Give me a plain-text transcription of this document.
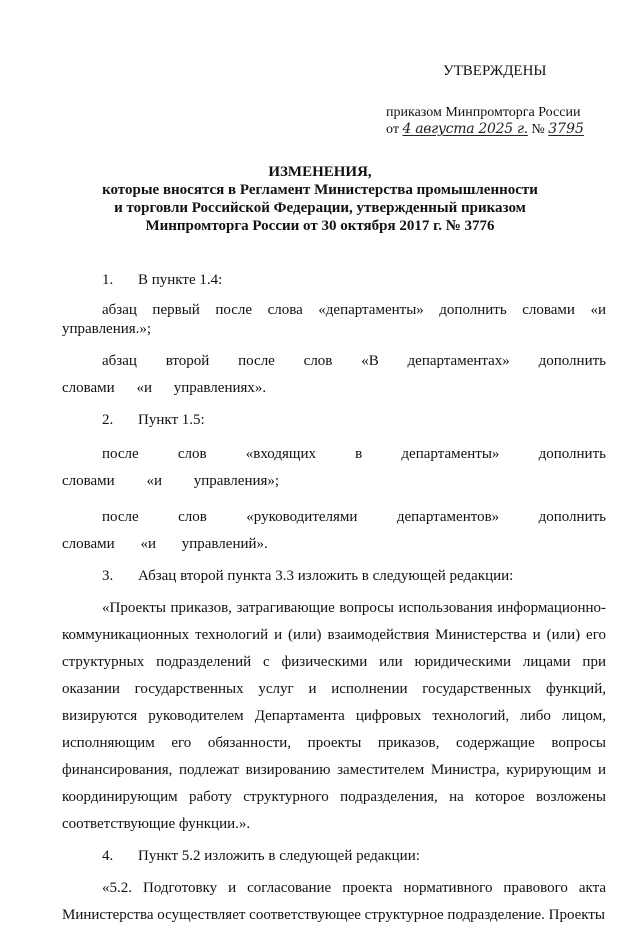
УТВЕРЖДЕНЫ
приказом Минпромторга России
от 4 августа 2025 г. № 3795
ИЗМЕНЕНИЯ,
которые вносятся в Регламент Министерства промышленности
и торговли Российской Федерации, утвержденный приказом
Минпромторга России от 30 октября 2017 г. № 3776

1. В пункте 1.4:

абзац первый после слова «департаменты» дополнить словами «и управления.»;

абзац второй после слов «В департаментах» дополнить словами «и управлениях».

2. Пункт 1.5:

после слов «входящих в департаменты» дополнить словами «и управления»;

после слов «руководителями департаментов» дополнить словами «и управлений».

3. Абзац второй пункта 3.3 изложить в следующей редакции:

«Проекты приказов, затрагивающие вопросы использования информационно-коммуникационных технологий и (или) взаимодействия Министерства и (или) его структурных подразделений с физическими или юридическими лицами при оказании государственных услуг и исполнении государственных функций, визируются руководителем Департамента цифровых технологий, либо лицом, исполняющим его обязанности, проекты приказов, содержащие вопросы финансирования, подлежат визированию заместителем Министра, курирующим и координирующим работу структурного подразделения, на которое возложены соответствующие функции.».

4. Пункт 5.2 изложить в следующей редакции:

«5.2. Подготовку и согласование проекта нормативного правового акта Министерства осуществляет соответствующее структурное подразделение. Проекты
